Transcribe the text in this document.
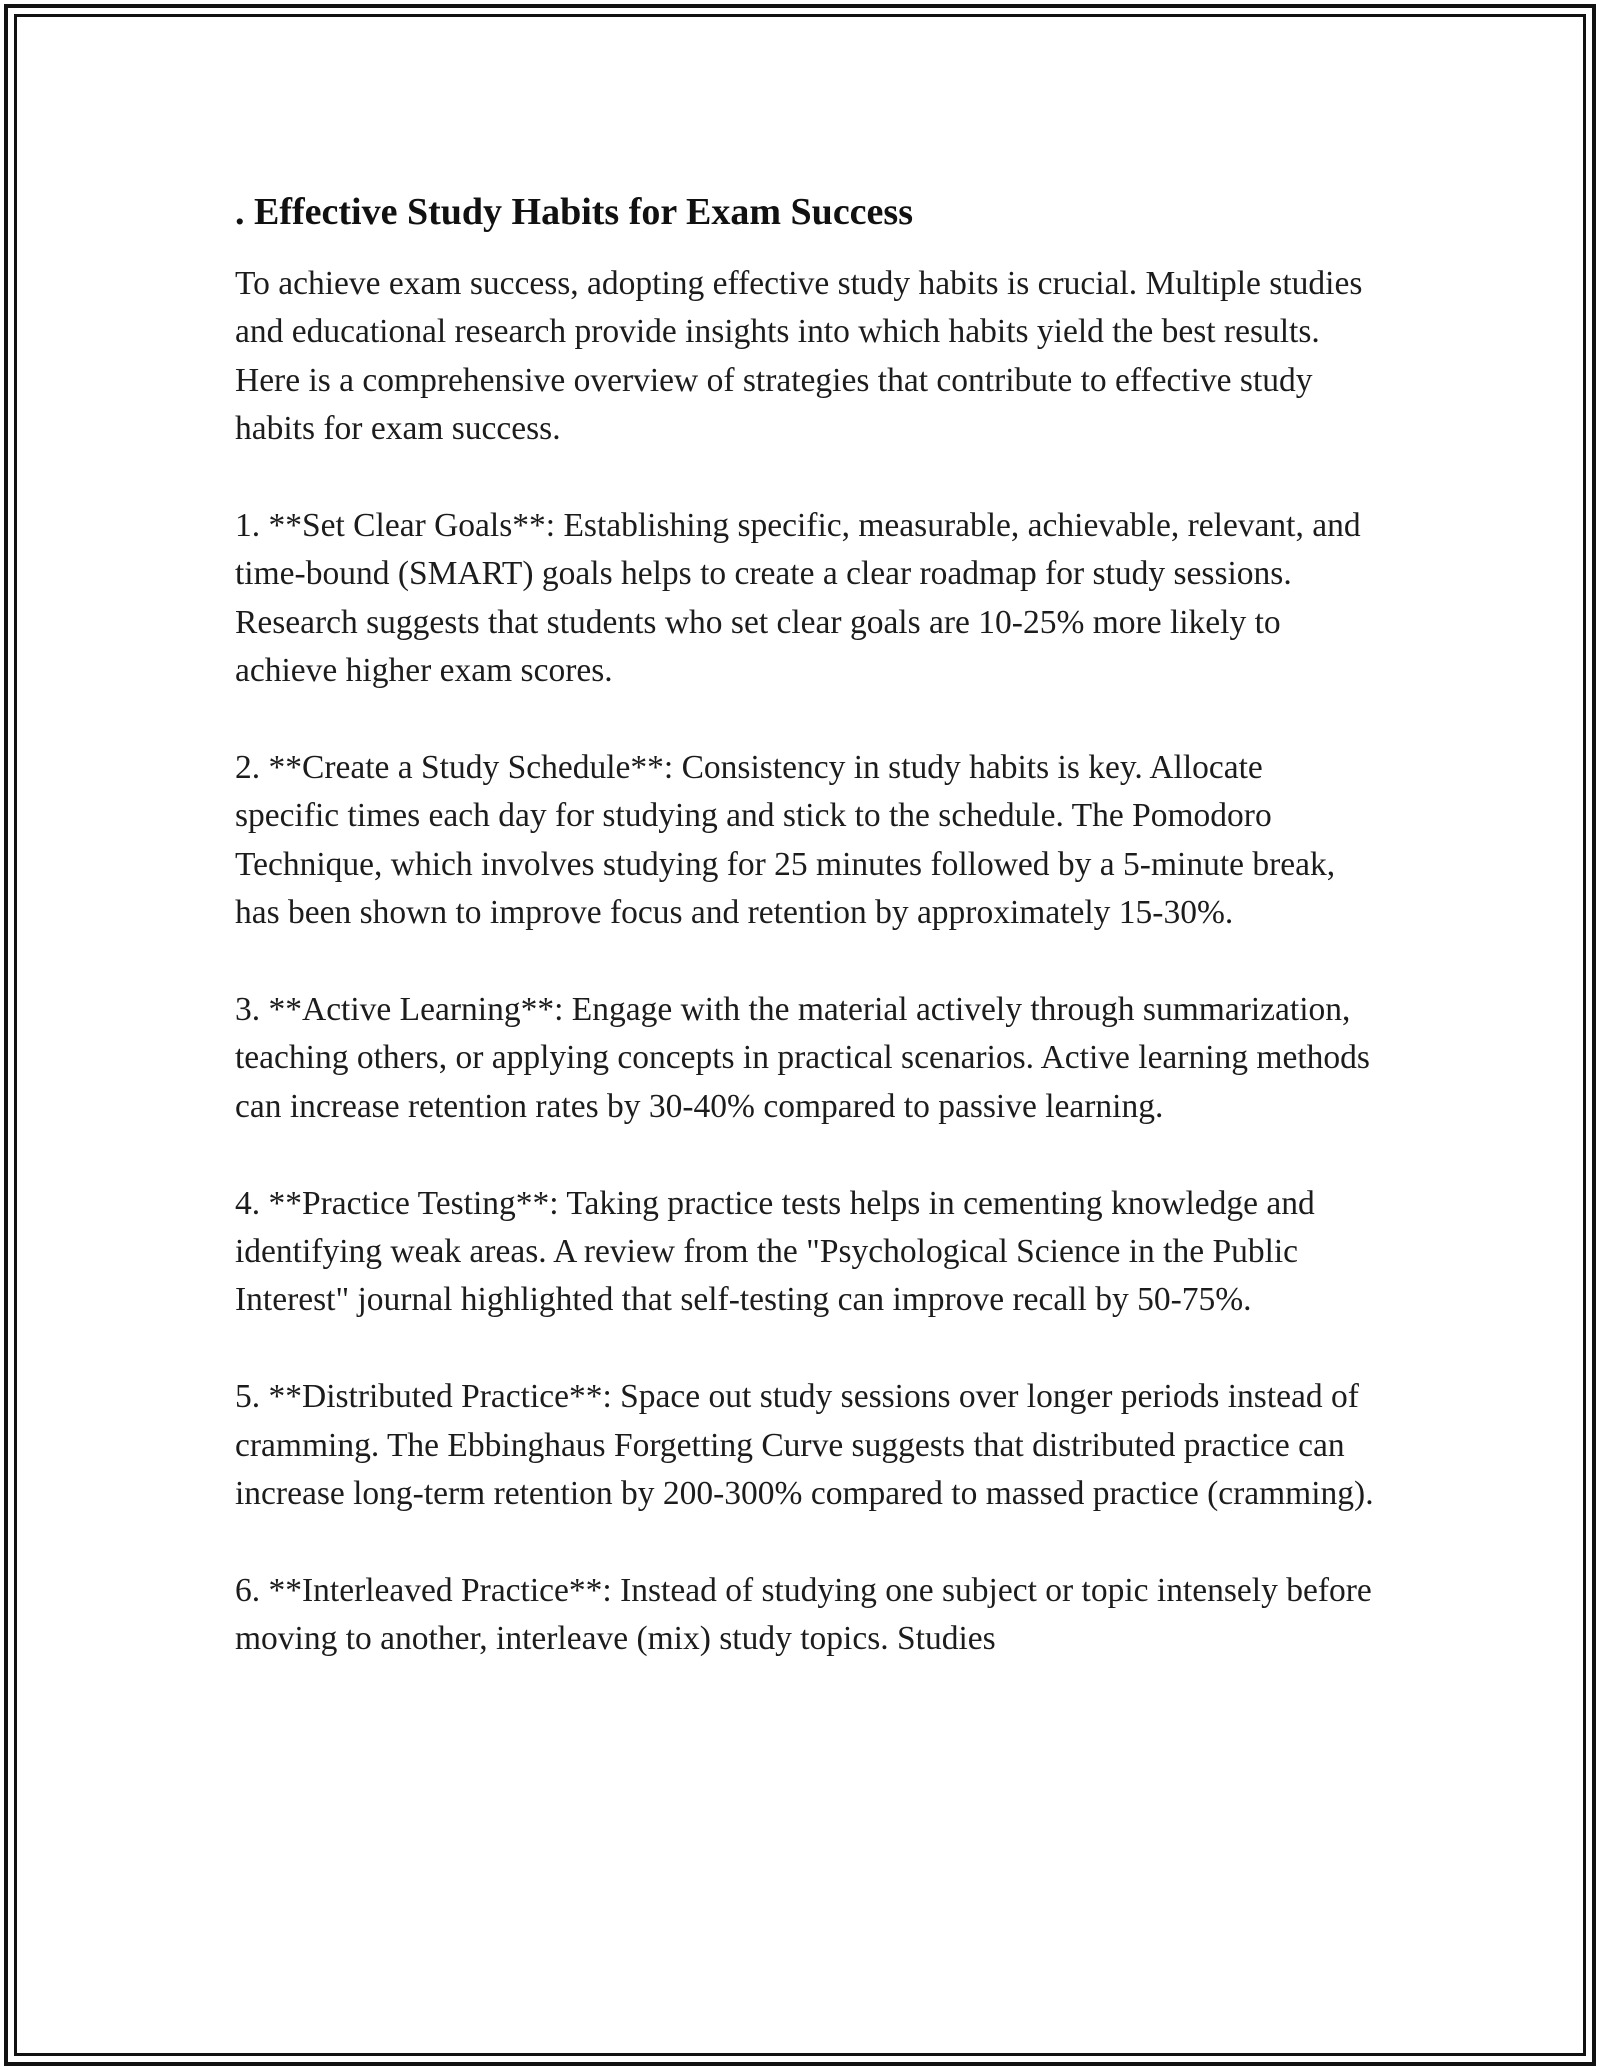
. Effective Study Habits for Exam Success

To achieve exam success, adopting effective study habits is crucial. Multiple studies and educational research provide insights into which habits yield the best results. Here is a comprehensive overview of strategies that contribute to effective study habits for exam success.

1. **Set Clear Goals**: Establishing specific, measurable, achievable, relevant, and time-bound (SMART) goals helps to create a clear roadmap for study sessions. Research suggests that students who set clear goals are 10-25% more likely to achieve higher exam scores.

2. **Create a Study Schedule**: Consistency in study habits is key. Allocate specific times each day for studying and stick to the schedule. The Pomodoro Technique, which involves studying for 25 minutes followed by a 5-minute break, has been shown to improve focus and retention by approximately 15-30%.

3. **Active Learning**: Engage with the material actively through summarization, teaching others, or applying concepts in practical scenarios. Active learning methods can increase retention rates by 30-40% compared to passive learning.

4. **Practice Testing**: Taking practice tests helps in cementing knowledge and identifying weak areas. A review from the "Psychological Science in the Public Interest" journal highlighted that self-testing can improve recall by 50-75%.

5. **Distributed Practice**: Space out study sessions over longer periods instead of cramming. The Ebbinghaus Forgetting Curve suggests that distributed practice can increase long-term retention by 200-300% compared to massed practice (cramming).

6. **Interleaved Practice**: Instead of studying one subject or topic intensely before moving to another, interleave (mix) study topics. Studies
